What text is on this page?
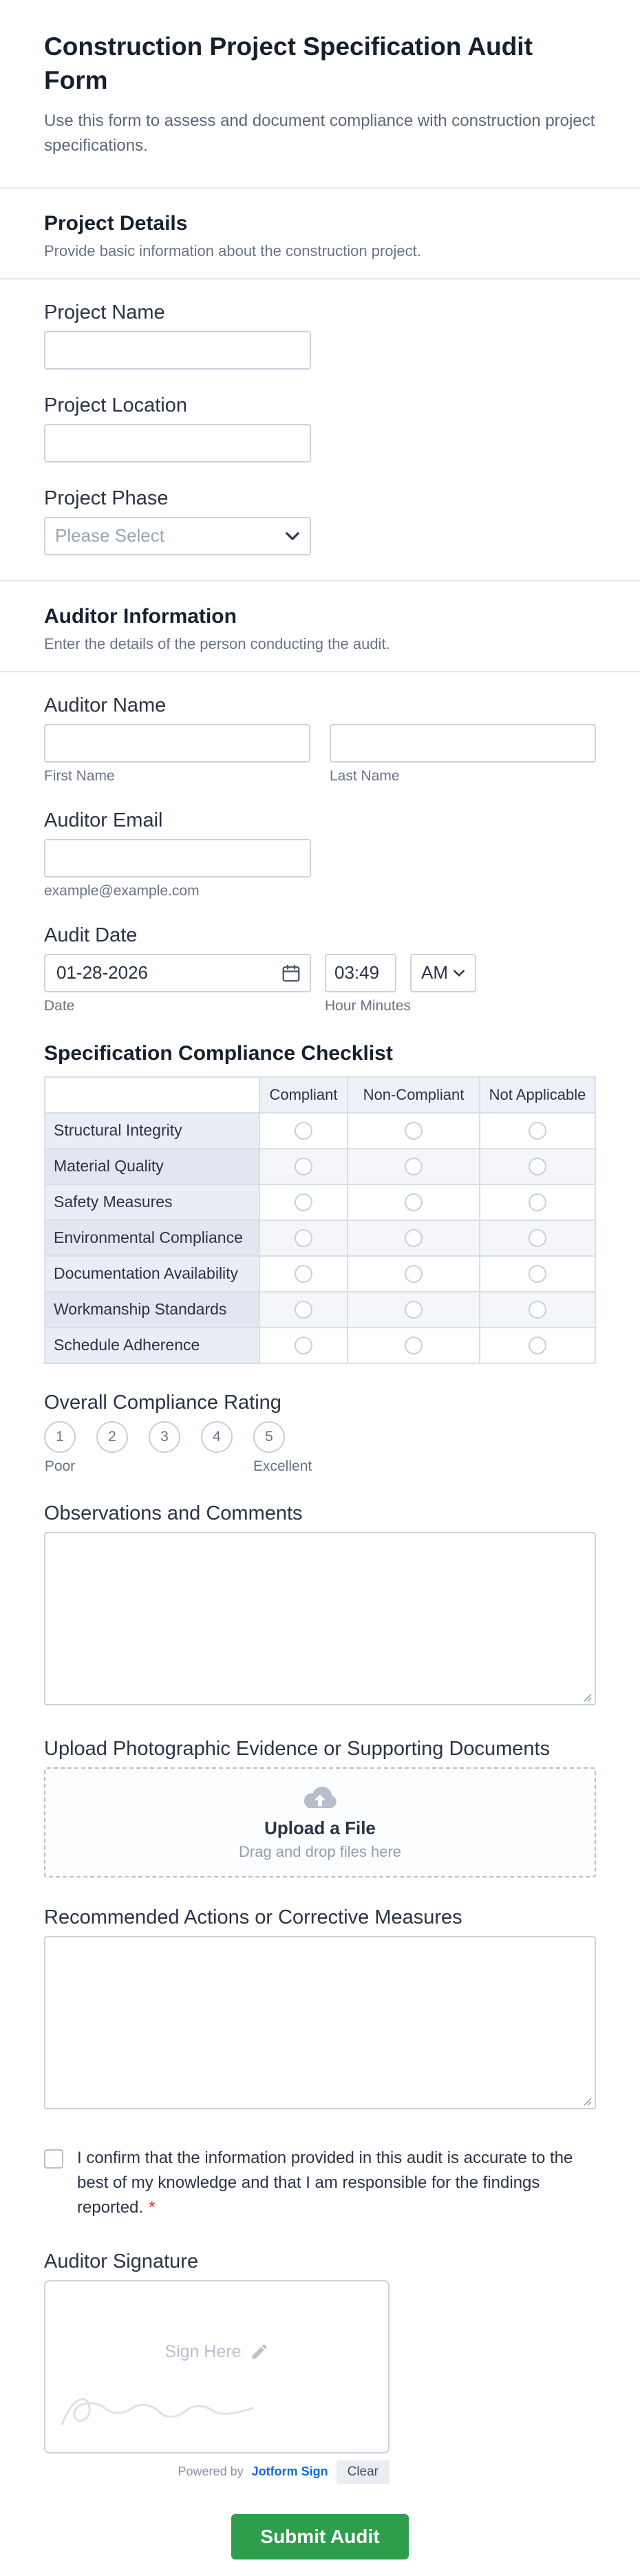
Construction Project Specification Audit Form

Use this form to assess and document compliance with construction project specifications.

Project Details

Provide basic information about the construction project.

Project Name
Project Location
Project Phase
Please Select
Auditor Information

Enter the details of the person conducting the audit.

Auditor Name
First Name	Last Name
Auditor Email
example@example.com
Audit Date
01-28-2026
Date
03:49	Hour Minutes
AM
Specification Compliance Checklist
	Compliant	Non-Compliant	Not Applicable
Structural Integrity			
Material Quality			
Safety Measures			
Environmental Compliance			
Documentation Availability			
Workmanship Standards			
Schedule Adherence			
Overall Compliance Rating
1	2	3	4	5
Poor	Excellent
Observations and Comments
Upload Photographic Evidence or Supporting Documents
Upload a File
Drag and drop files here
Recommended Actions or Corrective Measures
I confirm that the information provided in this audit is accurate to the best of my knowledge and that I am responsible for the findings reported. *
Auditor Signature
Sign Here
Powered by Jotform Sign	Clear
Submit Audit
